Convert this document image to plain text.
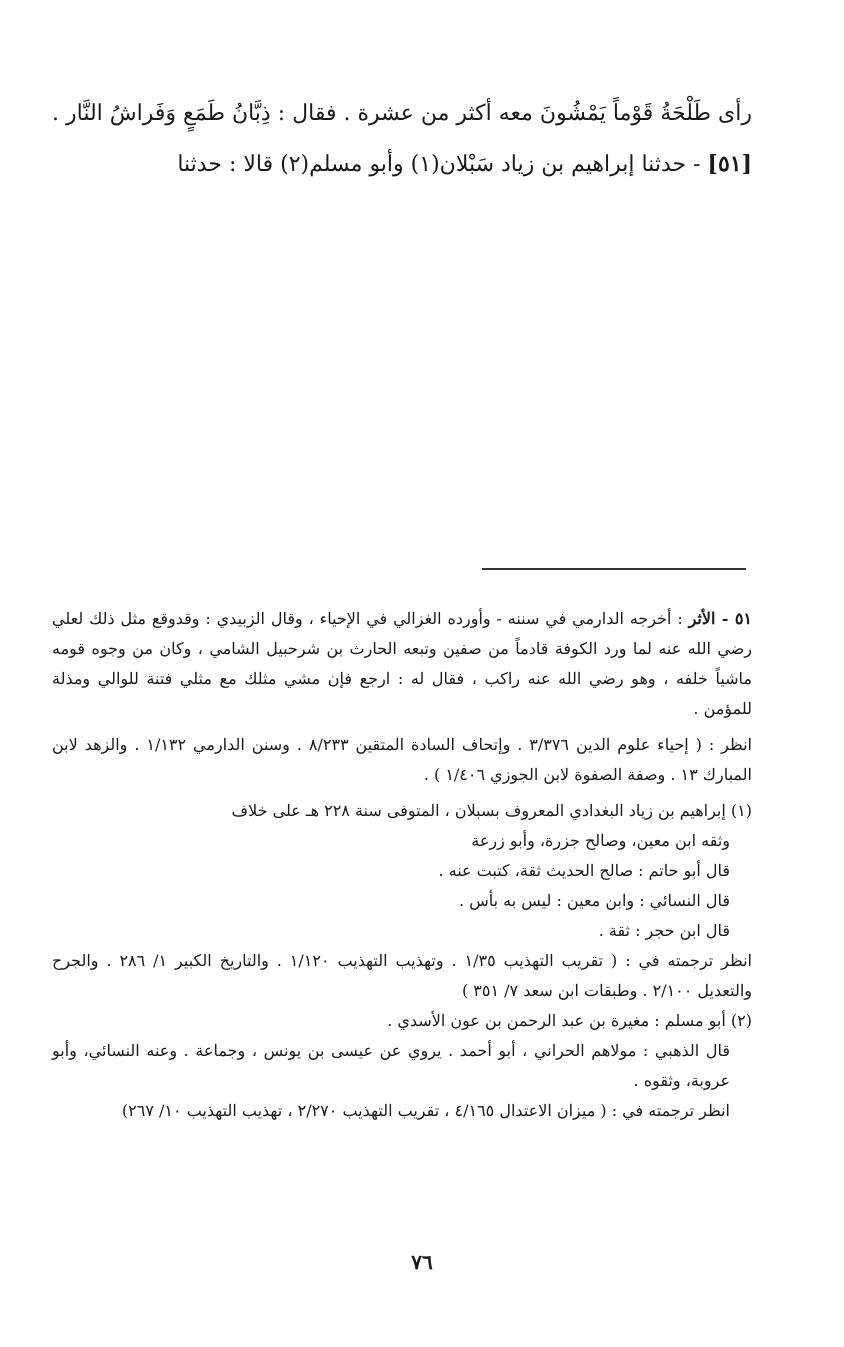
رأى طَلْحَةُ قَوْماً يَمْشُونَ معه أكثر من عشرة . فقال : ذِبَّانُ طَمَعٍ وَفَراشُ النَّار .

[٥١] - حدثنا إبراهيم بن زياد سَبْلان(١) وأبو مسلم(٢) قالا : حدثنا

٥١ - الأثر : أخرجه الدارمي في سننه - وأورده الغزالي في الإحياء ، وقال الزبيدي : وقدوقع مثل ذلك لعلي رضي الله عنه لما ورد الكوفة قادماً من صفين وتبعه الحارث بن شرحبيل الشامي ، وكان من وجوه قومه ماشياً خلفه ، وهو رضي الله عنه راكب ، فقال له : ارجع فإن مشي مثلك مع مثلي فتنة للوالي ومذلة للمؤمن .

انظر : ( إحياء علوم الدين ٣/٣٧٦ . وإتحاف السادة المتقين ٨/٢٣٣ . وسنن الدارمي ١/١٣٢ . والزهد لابن المبارك ١٣ . وصفة الصفوة لابن الجوزي ١/٤٠٦ ) .

(١) إبراهيم بن زياد البغدادي المعروف بسبلان ، المتوفى سنة ٢٢٨ هـ على خلاف

وثقه ابن معين، وصالح جزرة، وأبو زرعة

قال أبو حاتم : صالح الحديث ثقة، كتبت عنه .

قال النسائي : وابن معين : ليس به بأس .

قال ابن حجر : ثقة .

انظر ترجمته في : ( تقريب التهذيب ١/٣٥ . وتهذيب التهذيب ١/١٢٠ . والتاريخ الكبير ١/ ٢٨٦ . والجرح والتعديل ٢/١٠٠ . وطبقات ابن سعد ٧/ ٣٥١ )

(٢) أبو مسلم : مغيرة بن عبد الرحمن بن عون الأسدي .

قال الذهبي : مولاهم الحراني ، أبو أحمد . يروي عن عيسى بن يونس ، وجماعة . وعنه النسائي، وأبو عروبة، وثقوه .

انظر ترجمته في : ( ميزان الاعتدال ٤/١٦٥ ، تقريب التهذيب ٢/٢٧٠ ، تهذيب التهذيب ١٠/ ٢٦٧)

٧٦
